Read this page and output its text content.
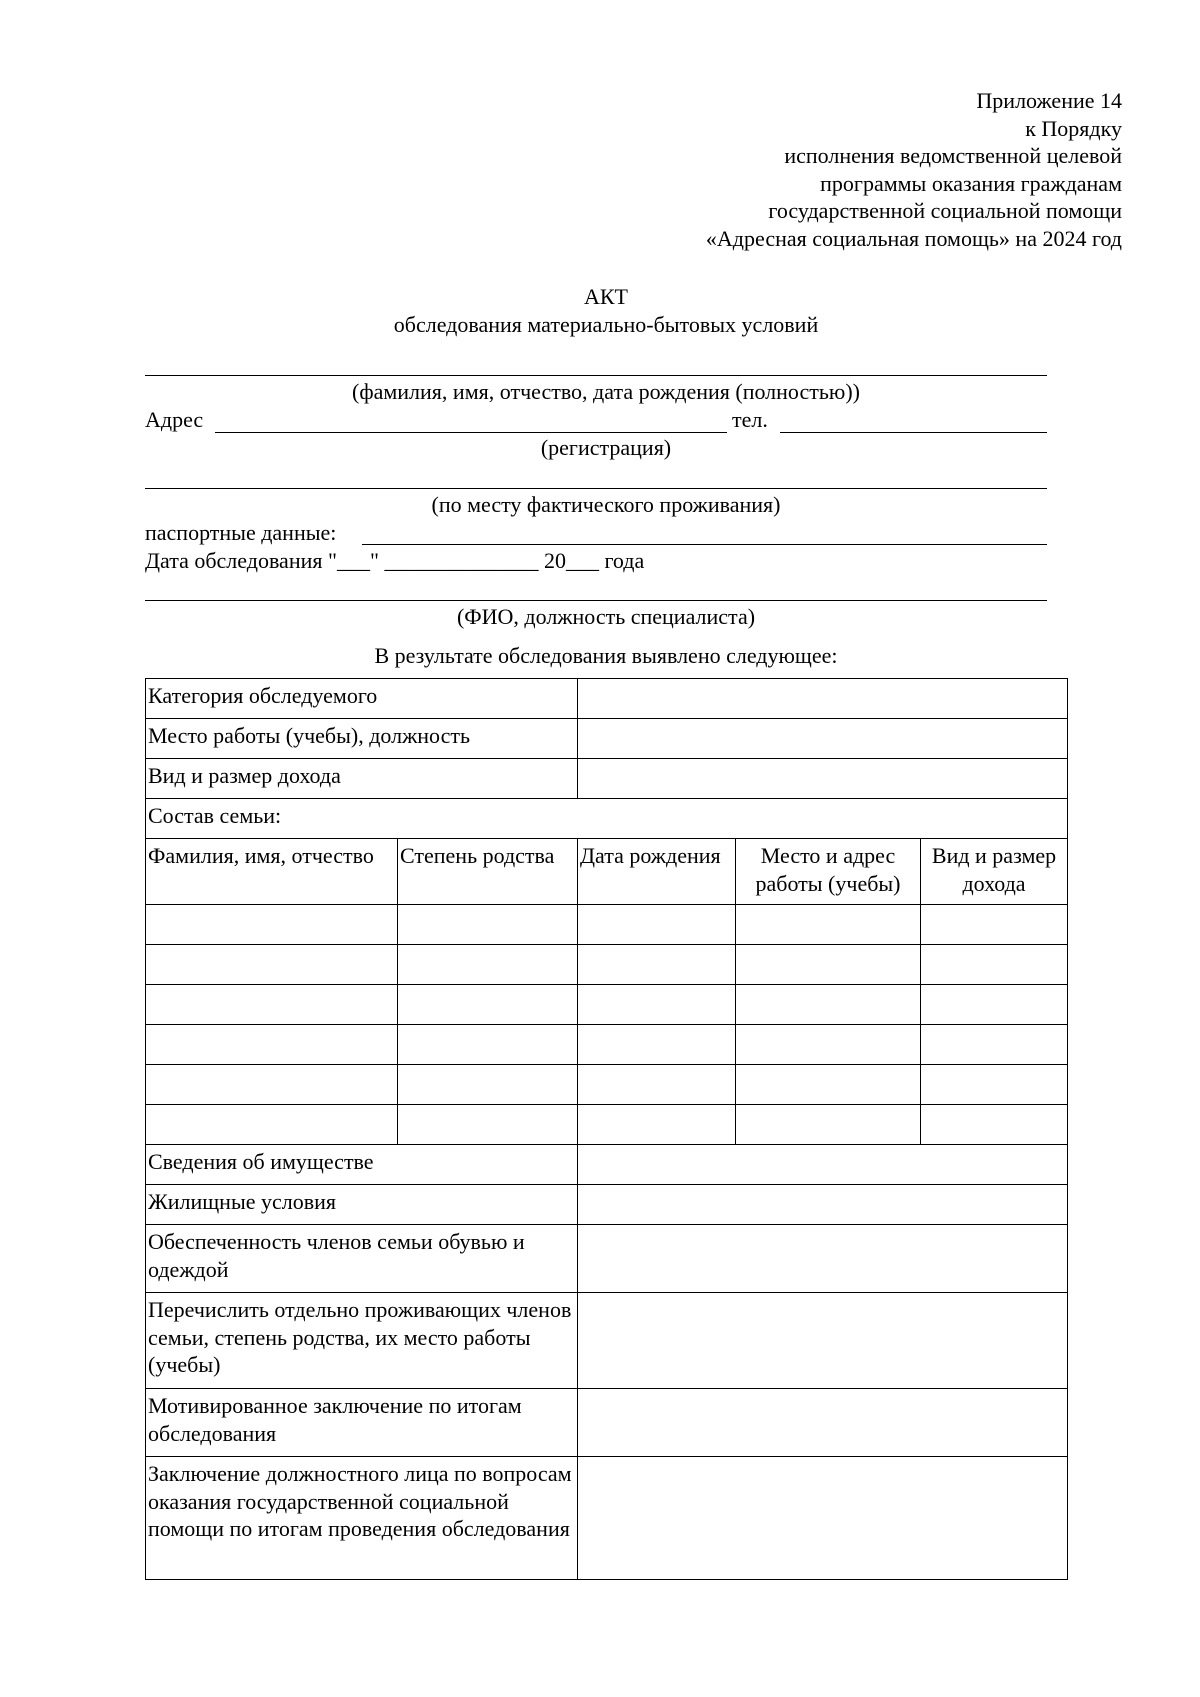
Приложение 14
к Порядку
исполнения ведомственной целевой
программы оказания гражданам
государственной социальной помощи
«Адресная социальная помощь» на 2024 год
АКТ
обследования материально-бытовых условий
(фамилия, имя, отчество, дата рождения (полностью))
Адрес	тел.
(регистрация)
(по месту фактического проживания)
паспортные данные:
Дата обследования "___" ______________ 20___ года
(ФИО, должность специалиста)
В результате обследования выявлено следующее:
Категория обследуемого				
Место работы (учебы), должность				
Вид и размер дохода				
Состав семьи:				
Фамилия, имя, отчество	Степень родства	Дата рождения	Место и адрес работы (учебы)	Вид и размер дохода

Сведения об имуществе				
Жилищные условия				
Обеспеченность членов семьи обувью и одеждой				
Перечислить отдельно проживающих членов семьи, степень родства, их место работы (учебы)				
Мотивированное заключение по итогам обследования				
Заключение должностного лица по вопросам оказания государственной социальной помощи по итогам проведения обследования				
